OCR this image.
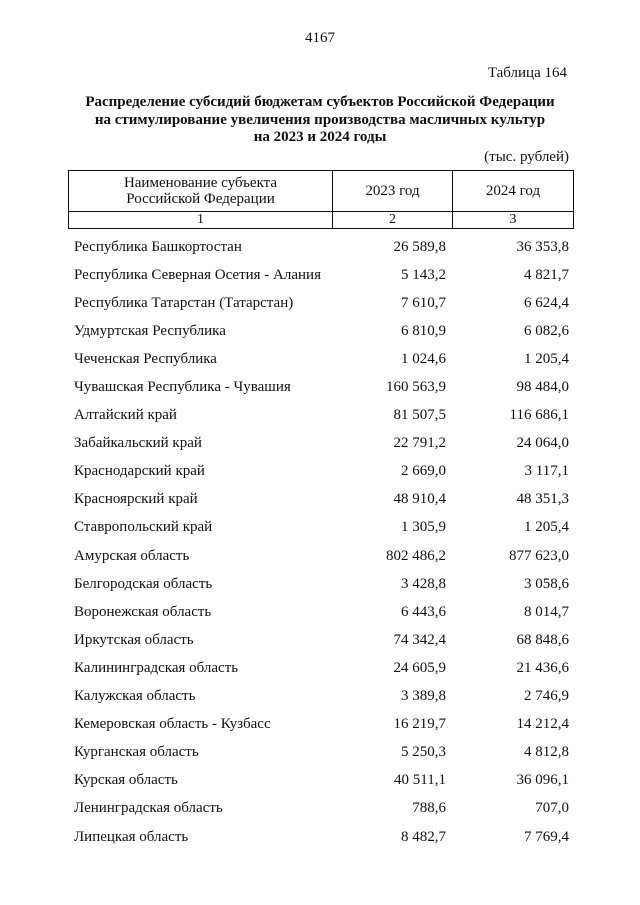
4167
Таблица 164
Распределение субсидий бюджетам субъектов Российской Федерации
на стимулирование увеличения производства масличных культур
на 2023 и 2024 годы
(тыс. рублей)
Наименование субъекта
Российской Федерации	2023 год	2024 год
1	2	3
Республика Башкортостан	26 589,8	36 353,8
Республика Северная Осетия - Алания	5 143,2	4 821,7
Республика Татарстан (Татарстан)	7 610,7	6 624,4
Удмуртская Республика	6 810,9	6 082,6
Чеченская Республика	1 024,6	1 205,4
Чувашская Республика - Чувашия	160 563,9	98 484,0
Алтайский край	81 507,5	116 686,1
Забайкальский край	22 791,2	24 064,0
Краснодарский край	2 669,0	3 117,1
Красноярский край	48 910,4	48 351,3
Ставропольский край	1 305,9	1 205,4
Амурская область	802 486,2	877 623,0
Белгородская область	3 428,8	3 058,6
Воронежская область	6 443,6	8 014,7
Иркутская область	74 342,4	68 848,6
Калининградская область	24 605,9	21 436,6
Калужская область	3 389,8	2 746,9
Кемеровская область - Кузбасс	16 219,7	14 212,4
Курганская область	5 250,3	4 812,8
Курская область	40 511,1	36 096,1
Ленинградская область	788,6	707,0
Липецкая область	8 482,7	7 769,4
